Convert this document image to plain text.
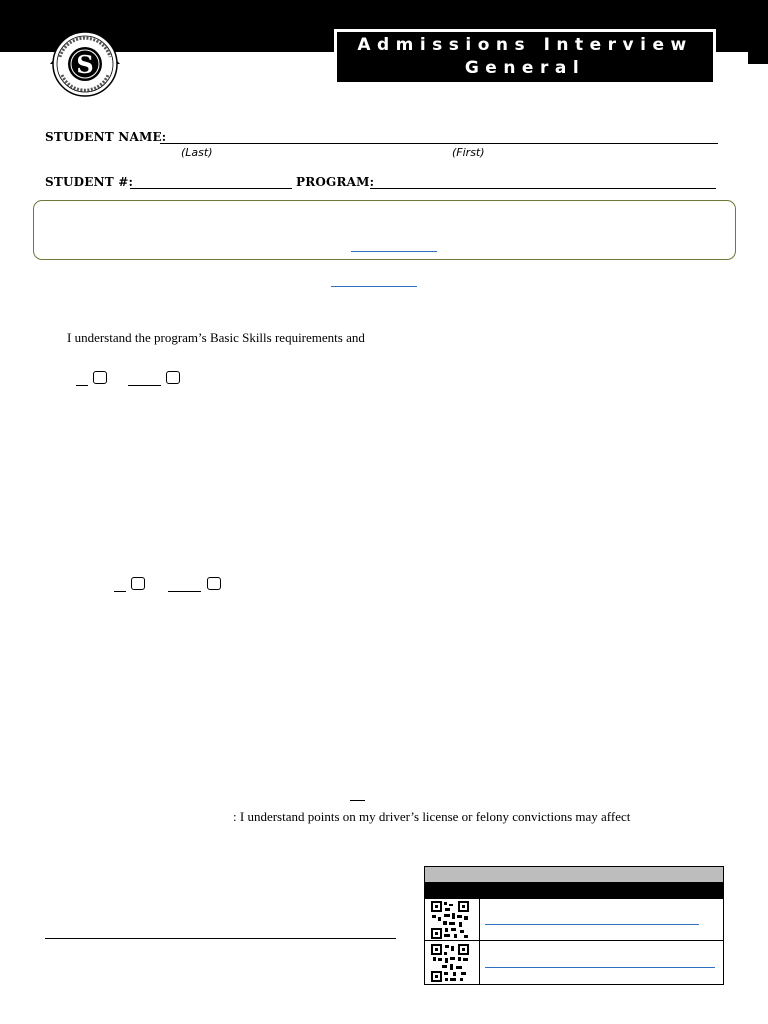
S
Admissions Interview
General
STUDENT NAME:
(Last)	(First)
STUDENT #:	PROGRAM:
I understand the program’s Basic Skills requirements and
: I understand points on my driver’s license or felony convictions may affect
